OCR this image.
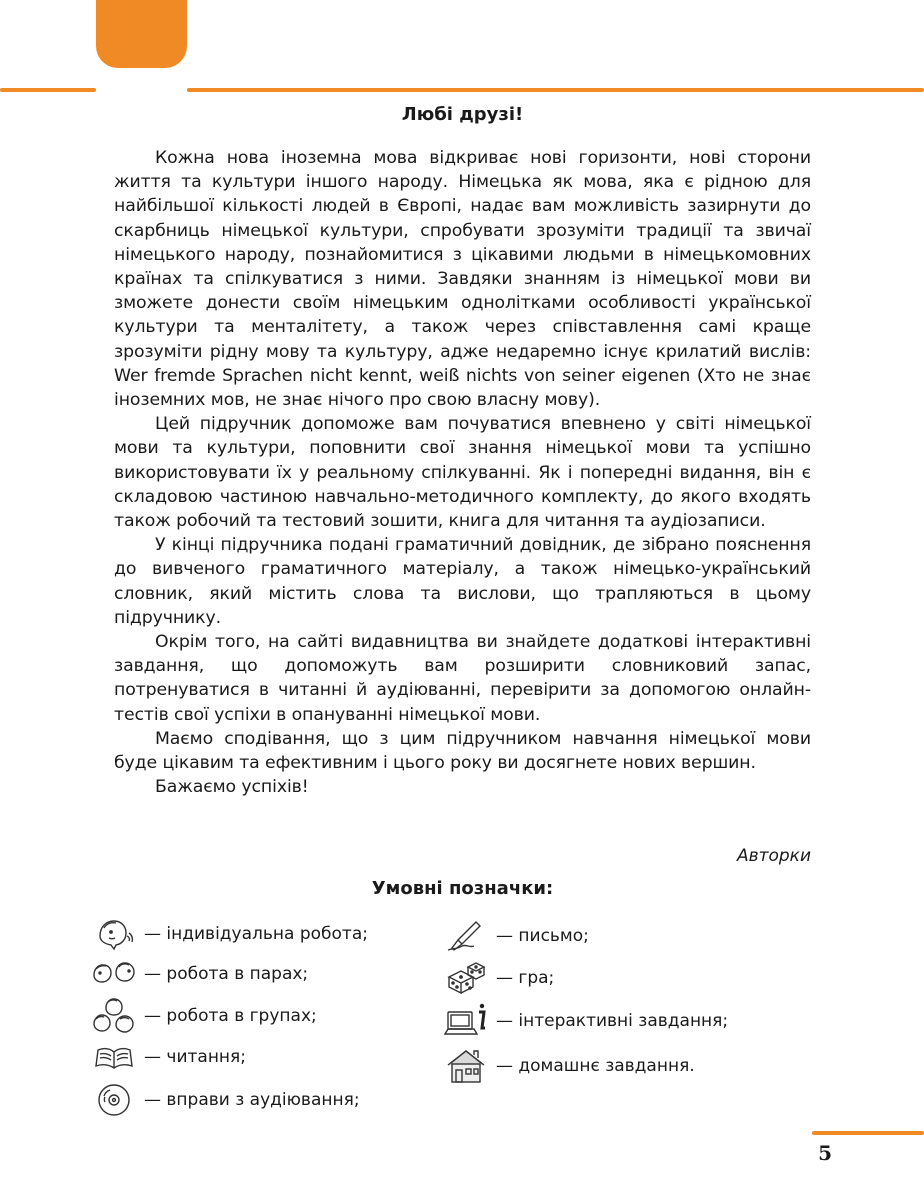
Любі друзі!

Кожна нова іноземна мова відкриває нові горизонти, нові сторони життя та культури іншого народу. Німецька як мова, яка є рідною для найбільшої кількості людей в Європі, надає вам можливість зазирнути до скарбниць німецької культури, спробувати зрозуміти традиції та звичаї німецького народу, познайомитися з цікавими людьми в німецькомовних країнах та спілкуватися з ними. Завдяки знанням із німецької мови ви зможете донести своїм німецьким однолітками особливості української культури та менталітету, а також через співставлення самі краще зрозуміти рідну мову та культуру, адже недаремно існує крилатий вислів: Wer fremde Sprachen nicht kennt, weiß nichts von seiner eigenen (Хто не знає іноземних мов, не знає нічого про свою власну мову).

Цей підручник допоможе вам почуватися впевнено у світі німецької мови та культури, поповнити свої знання німецької мови та успішно використовувати їх у реальному спілкуванні. Як і попередні видання, він є складовою частиною навчально-методичного комплекту, до якого входять також робочий та тестовий зошити, книга для читання та аудіозаписи.

У кінці підручника подані граматичний довідник, де зібрано пояснення до вивченого граматичного матеріалу, а також німецько-український словник, який містить слова та вислови, що трапляються в цьому підручнику.

Окрім того, на сайті видавництва ви знайдете додаткові інтерактивні завдання, що допоможуть вам розширити словниковий запас, потренуватися в читанні й аудіюванні, перевірити за допомогою онлайн-тестів свої успіхи в опануванні німецької мови.

Маємо сподівання, що з цим підручником навчання німецької мови буде цікавим та ефективним і цього року ви досягнете нових вершин.

Бажаємо успіхів!

Авторки
Умовні позначки:
— індивідуальна робота;
— робота в парах;
— робота в групах;
— читання;
— вправи з аудіювання;
— письмо;
— гра;
— інтерактивні завдання;
— домашнє завдання.
5
